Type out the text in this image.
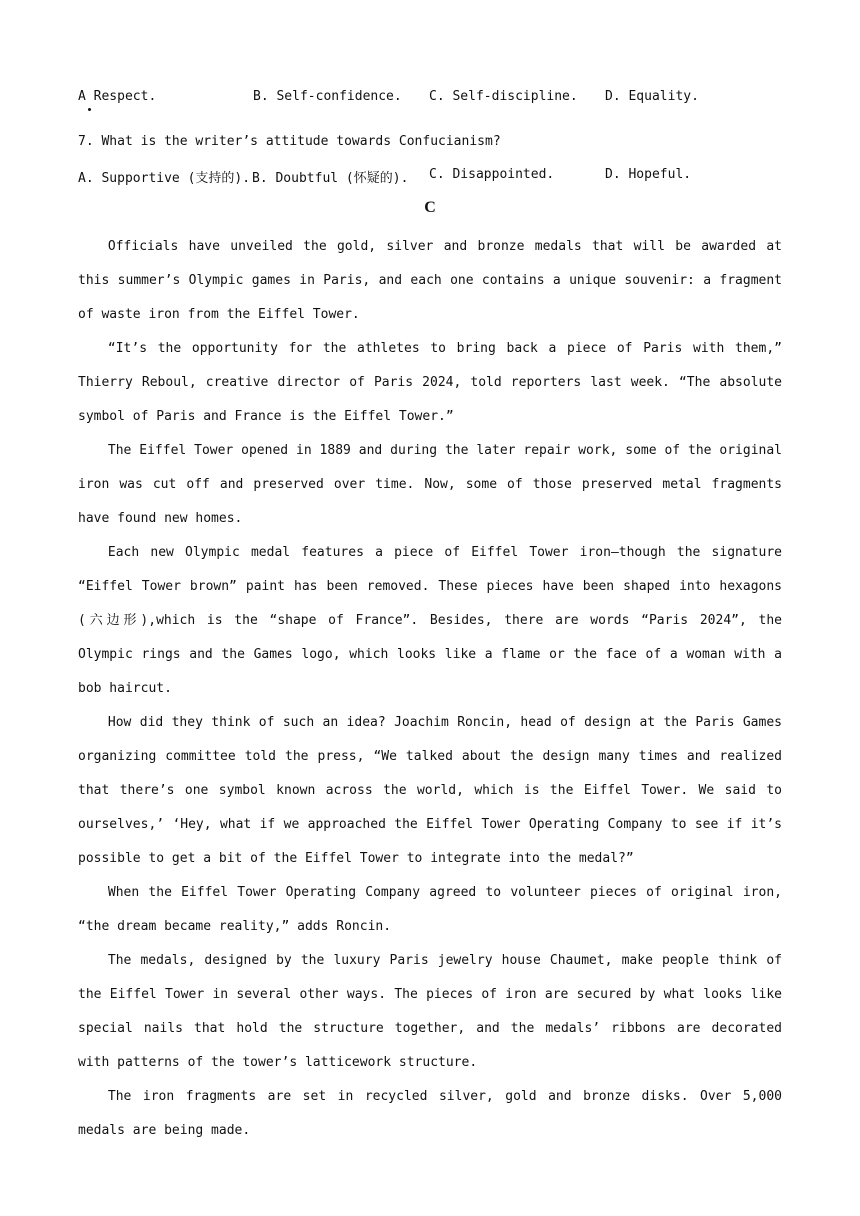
A Respect.	B. Self-confidence. C. Self-discipline. D. Equality.
7. What is the writer’s attitude towards Confucianism?
A. Supportive (支持的). B. Doubtful (怀疑的). C. Disappointed.	D. Hopeful.
C

Officials have unveiled the gold, silver and bronze medals that will be awarded at this summer’s Olympic games in Paris, and each one contains a unique souvenir: a fragment of waste iron from the Eiffel Tower.

“It’s the opportunity for the athletes to bring back a piece of Paris with them,” Thierry Reboul, creative director of Paris 2024, told reporters last week. “The absolute symbol of Paris and France is the Eiffel Tower.”

The Eiffel Tower opened in 1889 and during the later repair work, some of the original iron was cut off and preserved over time. Now, some of those preserved metal fragments have found new homes.

Each new Olympic medal features a piece of Eiffel Tower iron—though the signature “Eiffel Tower brown” paint has been removed. These pieces have been shaped into hexagons (六边形),which is the “shape of France”. Besides, there are words “Paris 2024”, the Olympic rings and the Games logo, which looks like a flame or the face of a woman with a bob haircut.

How did they think of such an idea? Joachim Roncin, head of design at the Paris Games organizing committee told the press, “We talked about the design many times and realized that there’s one symbol known across the world, which is the Eiffel Tower. We said to ourselves,’ ‘Hey, what if we approached the Eiffel Tower Operating Company to see if it’s possible to get a bit of the Eiffel Tower to integrate into the medal?”

When the Eiffel Tower Operating Company agreed to volunteer pieces of original iron, “the dream became reality,” adds Roncin.

The medals, designed by the luxury Paris jewelry house Chaumet, make people think of the Eiffel Tower in several other ways. The pieces of iron are secured by what looks like special nails that hold the structure together, and the medals’ ribbons are decorated with patterns of the tower’s latticework structure.

The iron fragments are set in recycled silver, gold and bronze disks. Over 5,000 medals are being made.
